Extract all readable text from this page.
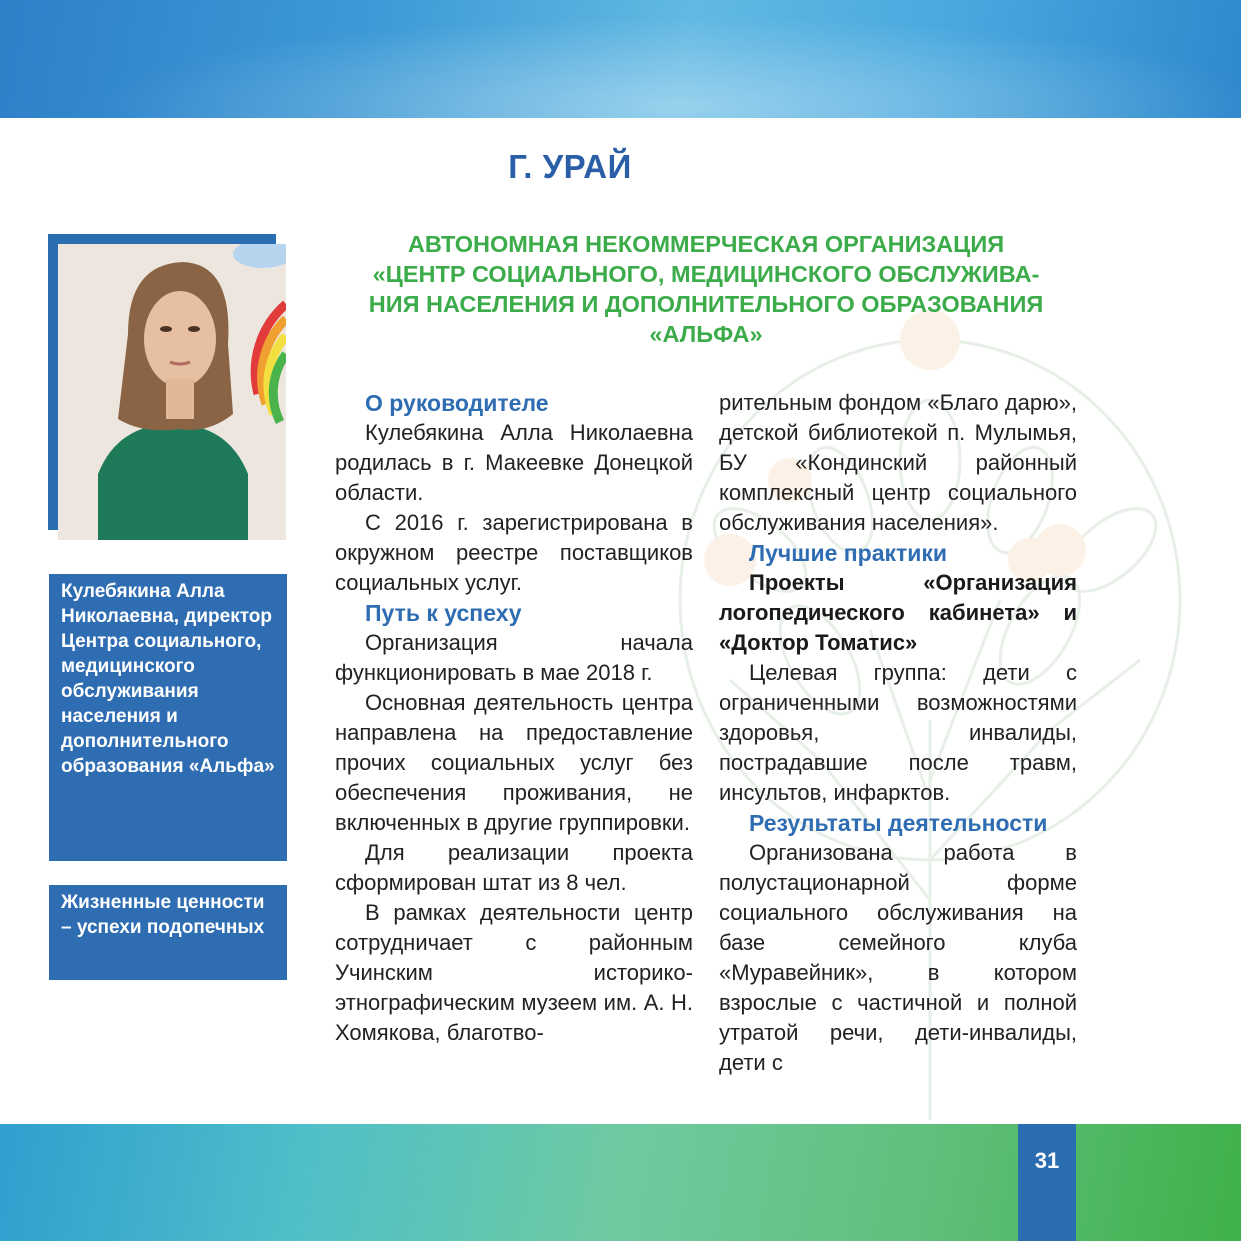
Г. УРАЙ
АВТОНОМНАЯ НЕКОММЕРЧЕСКАЯ ОРГАНИЗАЦИЯ
«ЦЕНТР СОЦИАЛЬНОГО, МЕДИЦИНСКОГО ОБСЛУЖИВА-
НИЯ НАСЕЛЕНИЯ И ДОПОЛНИТЕЛЬНОГО ОБРАЗОВАНИЯ
«АЛЬФА»
Кулебякина Алла Николаевна, директор Центра социального, медицинского обслуживания населения и дополнительного образования «Альфа»
Жизненные ценности – успехи подопечных
О руководителе

Кулебякина Алла Николаевна родилась в г. Макеевке Донецкой области.

С 2016 г. зарегистрирована в окружном реестре поставщиков социальных услуг.

Путь к успеху

Организация начала функционировать в мае 2018 г.

Основная деятельность центра направлена на предоставление прочих социальных услуг без обеспечения проживания, не включенных в другие группировки.

Для реализации проекта сформирован штат из 8 чел.

В рамках деятельности центр сотрудничает с районным Учинским историко-этнографическим музеем им. А. Н. Хомякова, благотво-

рительным фондом «Благо дарю», детской библиотекой п. Мулымья, БУ «Кондинский районный комплексный центр социального обслуживания населения».

Лучшие практики

Проекты «Организация логопедического кабинета» и «Доктор Томатис»

Целевая группа: дети с ограниченными возможностями здоровья, инвалиды, пострадавшие после травм, инсультов, инфарктов.

Результаты деятельности

Организована работа в полустационарной форме социального обслуживания на базе семейного клуба «Муравейник», в котором взрослые с частичной и полной утратой речи, дети-инвалиды, дети с

31
